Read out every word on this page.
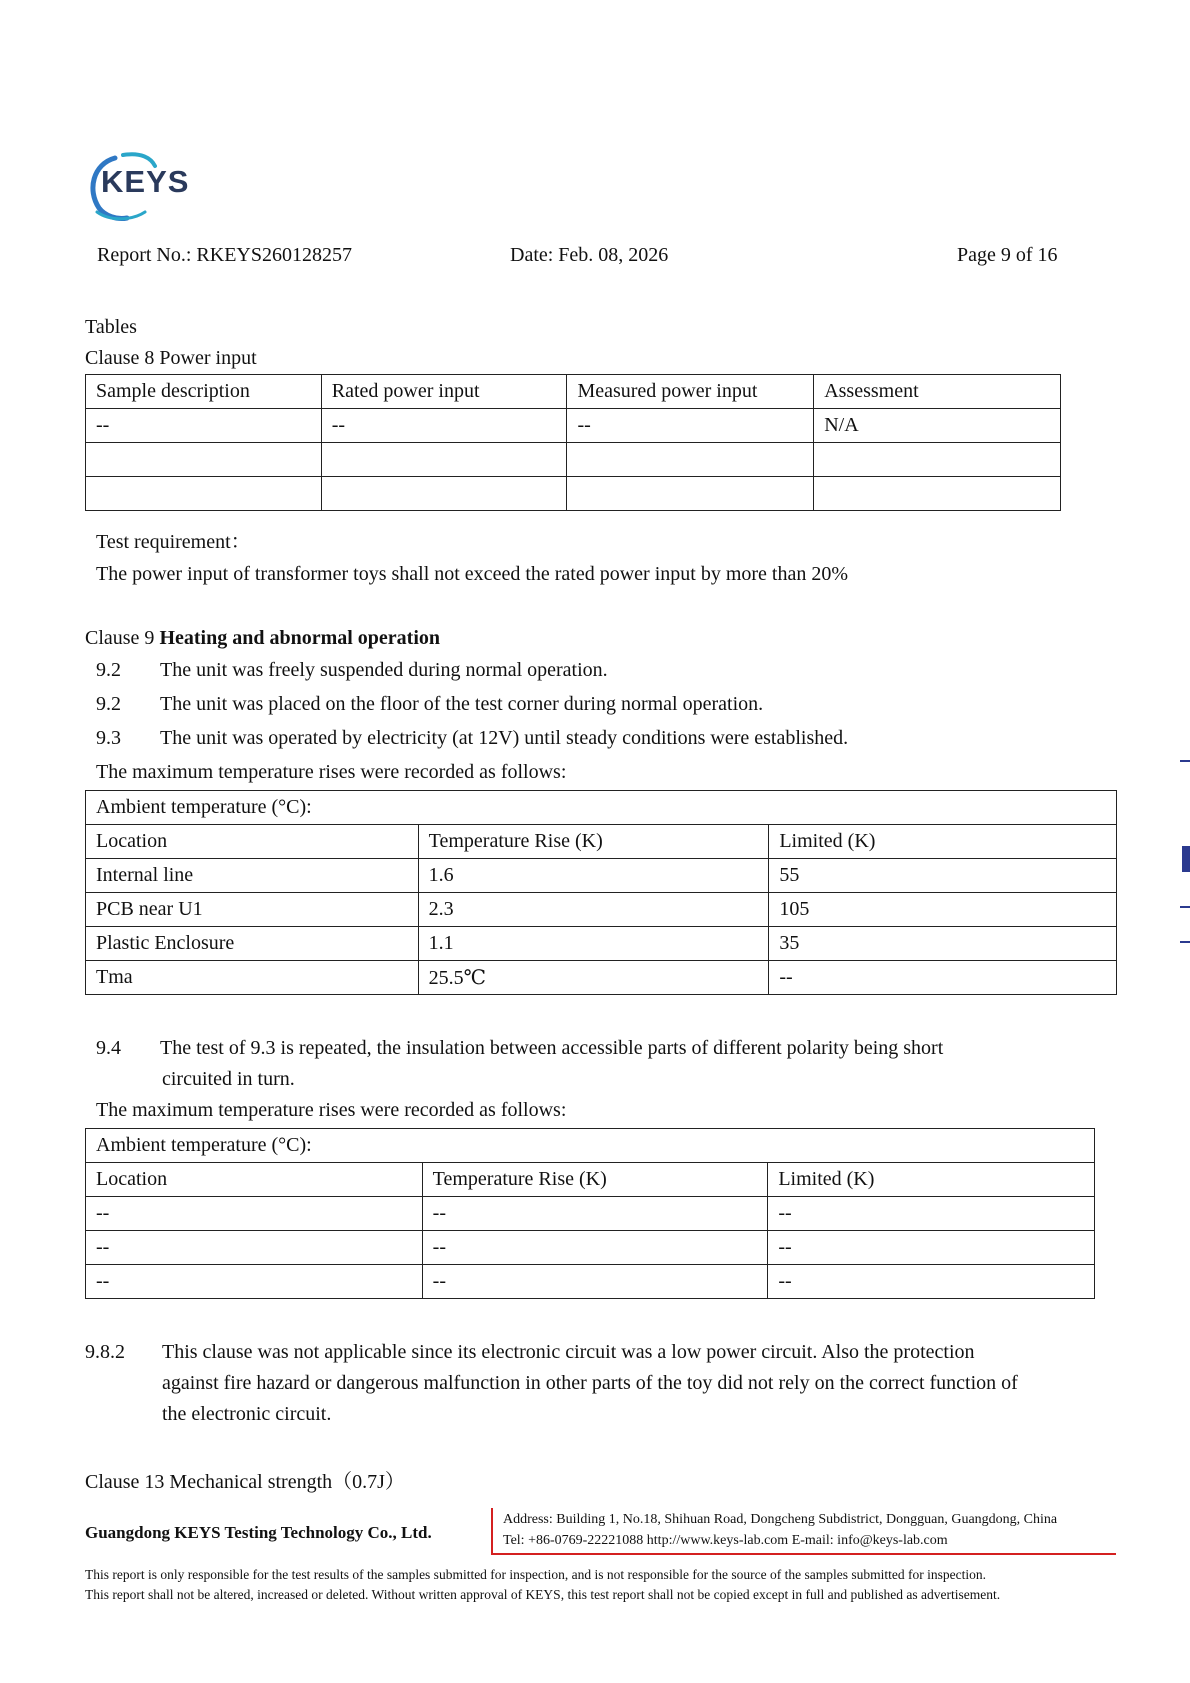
KEYS
Report No.: RKEYS260128257	Date: Feb. 08, 2026	Page 9 of 16
Tables
Clause 8 Power input
Sample description	Rated power input	Measured power input	Assessment
--	--	--	N/A

Test requirement：
The power input of transformer toys shall not exceed the rated power input by more than 20%
Clause 9 Heating and abnormal operation
9.2 The unit was freely suspended during normal operation.
9.2 The unit was placed on the floor of the test corner during normal operation.
9.3 The unit was operated by electricity (at 12V) until steady conditions were established.
The maximum temperature rises were recorded as follows:
Ambient temperature (°C):		
Location	Temperature Rise (K)	Limited (K)
Internal line	1.6	55
PCB near U1	2.3	105
Plastic Enclosure	1.1	35
Tma	25.5℃	--
9.4 The test of 9.3 is repeated, the insulation between accessible parts of different polarity being short
circuited in turn.
The maximum temperature rises were recorded as follows:
Ambient temperature (°C):		
Location	Temperature Rise (K)	Limited (K)
--	--	--
--	--	--
--	--	--
9.8.2 This clause was not applicable since its electronic circuit was a low power circuit. Also the protection
against fire hazard or dangerous malfunction in other parts of the toy did not rely on the correct function of
the electronic circuit.
Clause 13 Mechanical strength（0.7J）
Guangdong KEYS Testing Technology Co., Ltd.
Address: Building 1, No.18, Shihuan Road, Dongcheng Subdistrict, Dongguan, Guangdong, China
Tel: +86-0769-22221088 http://www.keys-lab.com E-mail: info@keys-lab.com
This report is only responsible for the test results of the samples submitted for inspection, and is not responsible for the source of the samples submitted for inspection.
This report shall not be altered, increased or deleted. Without written approval of KEYS, this test report shall not be copied except in full and published as advertisement.
